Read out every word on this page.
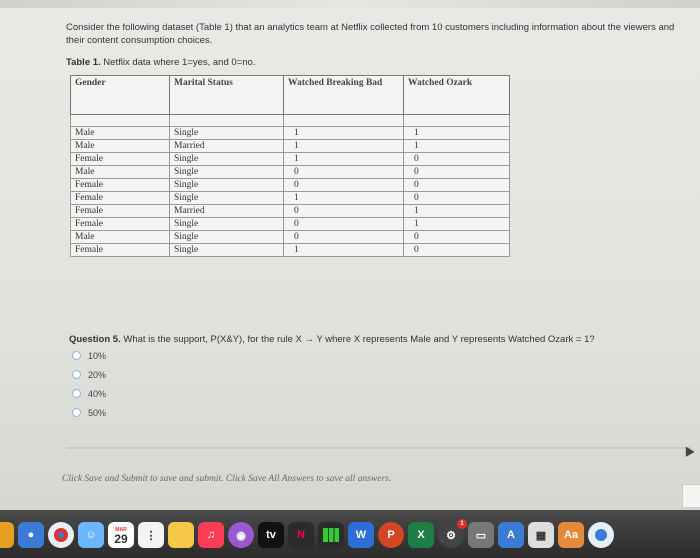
Consider the following dataset (Table 1) that an analytics team at Netflix collected from 10 customers including information about the viewers and their content consumption choices.
Table 1. Netflix data where 1=yes, and 0=no.
Gender	Marital Status	Watched Breaking Bad	Watched Ozark

Male	Single	1	1
Male	Married	1	1
Female	Single	1	0
Male	Single	0	0
Female	Single	0	0
Female	Single	1	0
Female	Married	0	1
Female	Single	0	1
Male	Single	0	0
Female	Single	1	0
Question 5. What is the support, P(X&Y), for the rule X → Y where X represents Male and Y represents Watched Ozark = 1?
10%
20%
40%
50%
Click Save and Submit to save and submit. Click Save All Answers to save all answers.
●	☺	MAR
29	⋮	♫	◉	tv	N	W	P	X
1
⚙	▭	A	▦	Aa
